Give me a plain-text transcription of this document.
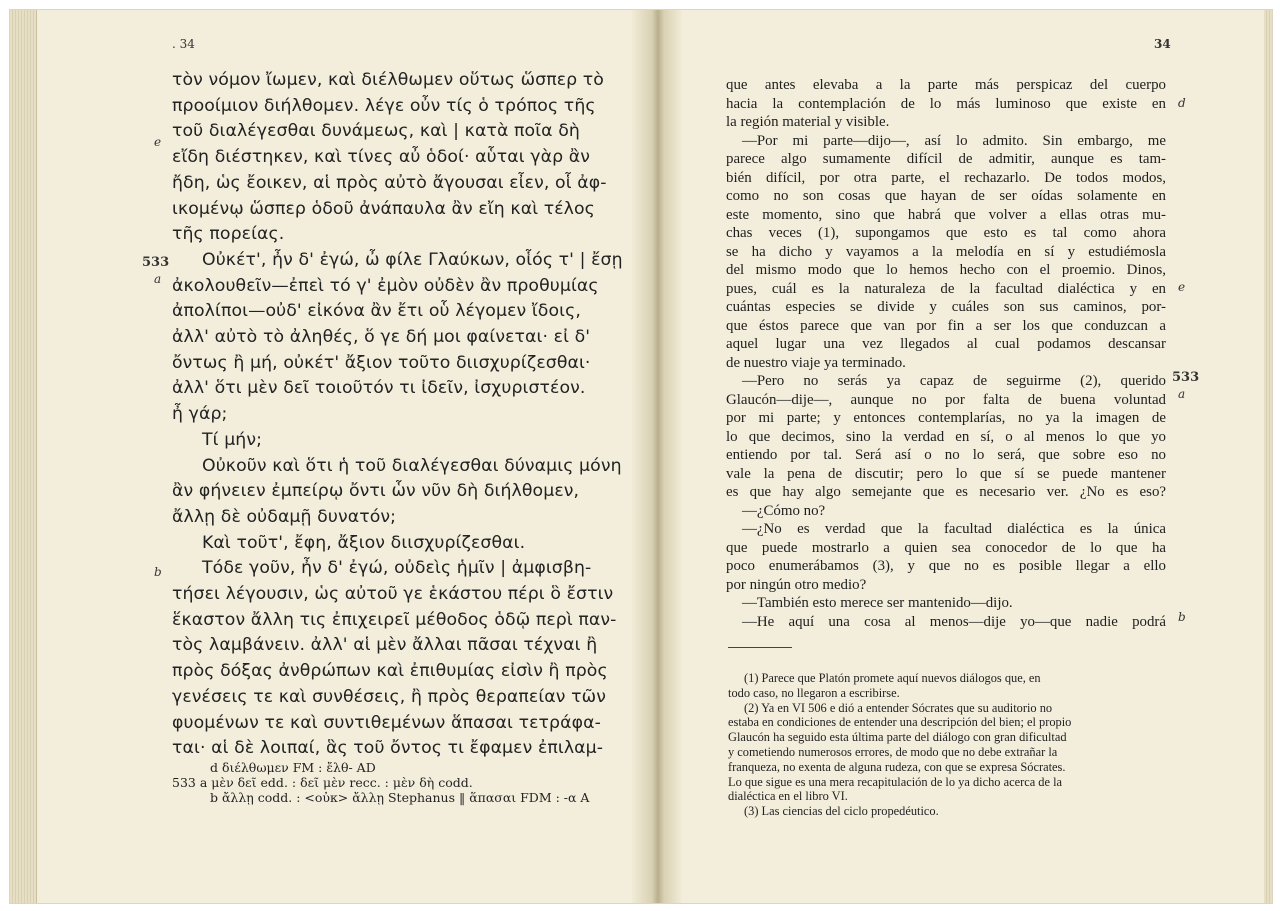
. 34
e
533
a
b
τὸν νόμον ἴωμεν, καὶ διέλθωμεν οὕτως ὥσπερ τὸ
προοίμιον διήλθομεν. λέγε οὖν τίς ὁ τρόπος τῆς
τοῦ διαλέγεσθαι δυνάμεως, καὶ | κατὰ ποῖα δὴ
εἴδη διέστηκεν, καὶ τίνες αὖ ὁδοί· αὗται γὰρ ἂν
ἤδη, ὡς ἔοικεν, αἱ πρὸς αὐτὸ ἄγουσαι εἶεν, οἷ ἀφ-
ικομένῳ ὥσπερ ὁδοῦ ἀνάπαυλα ἂν εἴη καὶ τέλος
τῆς πορείας.
Οὐκέτ', ἦν δ' ἐγώ, ὦ φίλε Γλαύκων, οἷός τ' | ἔσῃ
ἀκολουθεῖν—ἐπεὶ τό γ' ἐμὸν οὐδὲν ἂν προθυμίας
ἀπολίποι—οὐδ' εἰκόνα ἂν ἔτι οὗ λέγομεν ἴδοις,
ἀλλ' αὐτὸ τὸ ἀληθές, ὅ γε δή μοι φαίνεται· εἰ δ'
ὄντως ἢ μή, οὐκέτ' ἄξιον τοῦτο διισχυρίζεσθαι·
ἀλλ' ὅτι μὲν δεῖ τοιοῦτόν τι ἰδεῖν, ἰσχυριστέον.
ἦ γάρ;
Τί μήν;
Οὐκοῦν καὶ ὅτι ἡ τοῦ διαλέγεσθαι δύναμις μόνη
ἂν φήνειεν ἐμπείρῳ ὄντι ὧν νῦν δὴ διήλθομεν,
ἄλλῃ δὲ οὐδαμῇ δυνατόν;
Καὶ τοῦτ', ἔφη, ἄξιον διισχυρίζεσθαι.
Τόδε γοῦν, ἦν δ' ἐγώ, οὐδεὶς ἡμῖν | ἀμφισβη-
τήσει λέγουσιν, ὡς αὐτοῦ γε ἑκάστου πέρι ὃ ἔστιν
ἕκαστον ἄλλη τις ἐπιχειρεῖ μέθοδος ὁδῷ περὶ παν-
τὸς λαμβάνειν. ἀλλ' αἱ μὲν ἄλλαι πᾶσαι τέχναι ἢ
πρὸς δόξας ἀνθρώπων καὶ ἐπιθυμίας εἰσὶν ἢ πρὸς
γενέσεις τε καὶ συνθέσεις, ἢ πρὸς θεραπείαν τῶν
φυομένων τε καὶ συντιθεμένων ἅπασαι τετράφα-
ται· αἱ δὲ λοιπαί, ἃς τοῦ ὄντος τι ἔφαμεν ἐπιλαμ-
d διέλθωμεν FM : ἔλθ- AD
533 a μὲν δεῖ edd. : δεῖ μὲν recc. : μὲν δὴ codd.
b ἄλλῃ codd. : <οὐκ> ἄλλῃ Stephanus ‖ ἅπασαι FDM : -α A
34
d
e
533
a
b
que antes elevaba a la parte más perspicaz del cuerpo
hacia la contemplación de lo más luminoso que existe en
la región material y visible.
—Por mi parte—dijo—, así lo admito. Sin embargo, me
parece algo sumamente difícil de admitir, aunque es tam-
bién difícil, por otra parte, el rechazarlo. De todos modos,
como no son cosas que hayan de ser oídas solamente en
este momento, sino que habrá que volver a ellas otras mu-
chas veces (1), supongamos que esto es tal como ahora
se ha dicho y vayamos a la melodía en sí y estudiémosla
del mismo modo que lo hemos hecho con el proemio. Dinos,
pues, cuál es la naturaleza de la facultad dialéctica y en
cuántas especies se divide y cuáles son sus caminos, por-
que éstos parece que van por fin a ser los que conduzcan a
aquel lugar una vez llegados al cual podamos descansar
de nuestro viaje ya terminado.
—Pero no serás ya capaz de seguirme (2), querido
Glaucón—dije—, aunque no por falta de buena voluntad
por mi parte; y entonces contemplarías, no ya la imagen de
lo que decimos, sino la verdad en sí, o al menos lo que yo
entiendo por tal. Será así o no lo será, que sobre eso no
vale la pena de discutir; pero lo que sí se puede mantener
es que hay algo semejante que es necesario ver. ¿No es eso?
—¿Cómo no?
—¿No es verdad que la facultad dialéctica es la única
que puede mostrarlo a quien sea conocedor de lo que ha
poco enumerábamos (3), y que no es posible llegar a ello
por ningún otro medio?
—También esto merece ser mantenido—dijo.
—He aquí una cosa al menos—dije yo—que nadie podrá
(1) Parece que Platón promete aquí nuevos diálogos que, en
todo caso, no llegaron a escribirse.
(2) Ya en VI 506 e dió a entender Sócrates que su auditorio no
estaba en condiciones de entender una descripción del bien; el propio
Glaucón ha seguido esta última parte del diálogo con gran dificultad
y cometiendo numerosos errores, de modo que no debe extrañar la
franqueza, no exenta de alguna rudeza, con que se expresa Sócrates.
Lo que sigue es una mera recapitulación de lo ya dicho acerca de la
dialéctica en el libro VI.
(3) Las ciencias del ciclo propedéutico.
